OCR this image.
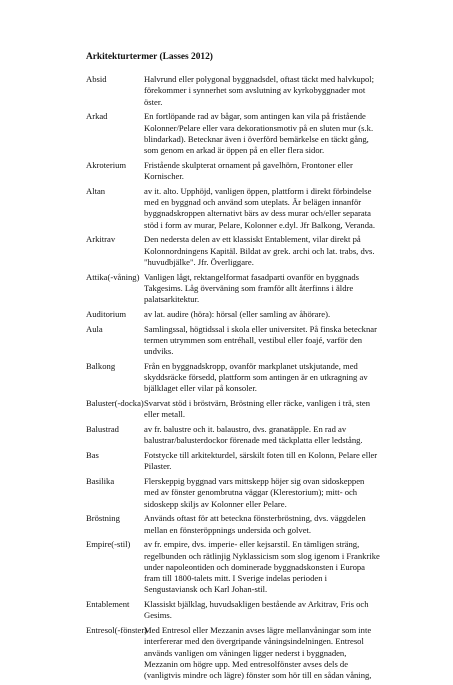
Arkitekturtermer (Lasses 2012)
Absid	Halvrund eller polygonal byggnadsdel, oftast täckt med halvkupol;
förekommer i synnerhet som avslutning av kyrkobyggnader mot
öster.
Arkad	En fortlöpande rad av bågar, som antingen kan vila på fristående
Kolonner/Pelare eller vara dekorationsmotiv på en sluten mur (s.k.
blindarkad). Betecknar även i överförd bemärkelse en täckt gång,
som genom en arkad är öppen på en eller flera sidor.
Akroterium	Fristående skulpterat ornament på gavelhörn, Frontoner eller
Kornischer.
Altan	av it. alto. Upphöjd, vanligen öppen, plattform i direkt förbindelse
med en byggnad och använd som uteplats. Är belägen innanför
byggnadskroppen alternativt bärs av dess murar och/eller separata
stöd i form av murar, Pelare, Kolonner e.dyl. Jfr Balkong, Veranda.
Arkitrav	Den nedersta delen av ett klassiskt Entablement, vilar direkt på
Kolonnordningens Kapitäl. Bildat av grek. archi och lat. trabs, dvs.
"huvudbjälke". Jfr. Överliggare.
Attika(-våning) Vanligen lågt, rektangelformat fasadparti ovanför en byggnads
Takgesims. Låg överväning som framför allt återfinns i äldre
palatsarkitektur.
Auditorium	av lat. audire (höra): hörsal (eller samling av åhörare).
Aula	Samlingssal, högtidssal i skola eller universitet. På finska betecknar
termen utrymmen som entréhall, vestibul eller foajé, varför den
undviks.
Balkong	Från en byggnadskropp, ovanför markplanet utskjutande, med
skyddsräcke försedd, plattform som antingen är en utkragning av
bjälklaget eller vilar på konsoler.
Baluster(-docka) Svarvat stöd i bröstvärn, Bröstning eller räcke, vanligen i trä, sten
eller metall.
Balustrad	av fr. balustre och it. balaustro, dvs. granatäpple. En rad av
balustrar/balusterdockor förenade med täckplatta eller ledstång.
Bas	Fotstycke till arkitekturdel, särskilt foten till en Kolonn, Pelare eller
Pilaster.
Basilika	Flerskeppig byggnad vars mittskepp höjer sig ovan sidoskeppen
med av fönster genombrutna väggar (Klerestorium); mitt- och
sidoskepp skiljs av Kolonner eller Pelare.
Bröstning	Används oftast för att beteckna fönsterbröstning, dvs. väggdelen
mellan en fönsteröppnings undersida och golvet.
Empire(-stil)	av fr. empire, dvs. imperie- eller kejsarstil. En tämligen sträng,
regelbunden och rätlinjig Nyklassicism som slog igenom i Frankrike
under napoleontiden och dominerade byggnadskonsten i Europa
fram till 1800-talets mitt. I Sverige indelas perioden i
Sengustaviansk och Karl Johan-stil.
Entablement	Klassiskt bjälklag, huvudsakligen bestående av Arkitrav, Fris och
Gesims.
Entresol(-fönster)
Med Entresol eller Mezzanin avses lägre mellanvåningar som inte
interfererar med den övergripande våningsindelningen. Entresol
används vanligen om våningen ligger nederst i byggnaden,
Mezzanin om högre upp. Med entresolfönster avses dels de
(vanligtvis mindre och lägre) fönster som hör till en sådan våning,
